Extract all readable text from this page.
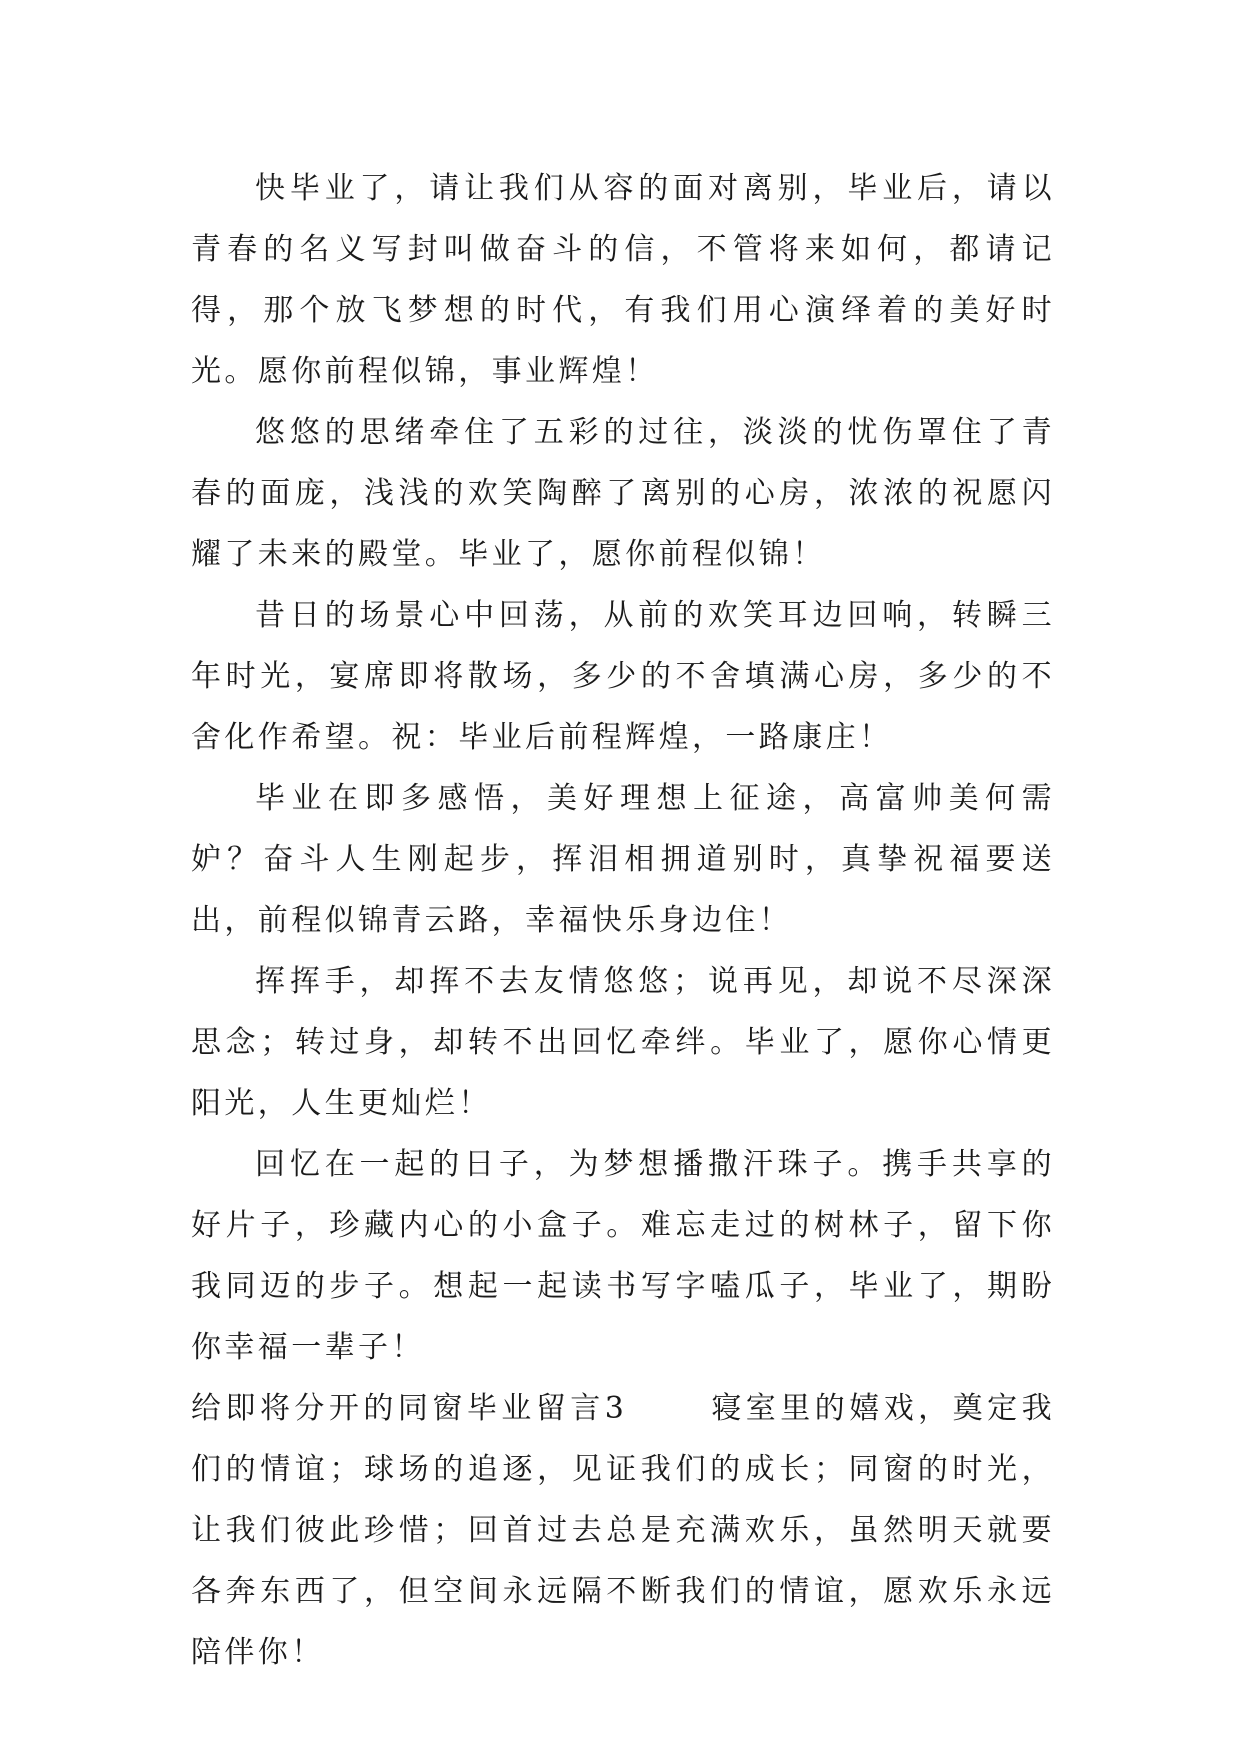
快毕业了，请让我们从容的面对离别，毕业后，请以青春的名义写封叫做奋斗的信，不管将来如何，都请记得，那个放飞梦想的时代，有我们用心演绎着的美好时光。愿你前程似锦，事业辉煌！

悠悠的思绪牵住了五彩的过往，淡淡的忧伤罩住了青春的面庞，浅浅的欢笑陶醉了离别的心房，浓浓的祝愿闪耀了未来的殿堂。毕业了，愿你前程似锦！

昔日的场景心中回荡，从前的欢笑耳边回响，转瞬三年时光，宴席即将散场，多少的不舍填满心房，多少的不舍化作希望。祝：毕业后前程辉煌，一路康庄！

毕业在即多感悟，美好理想上征途，高富帅美何需妒？奋斗人生刚起步，挥泪相拥道别时，真挚祝福要送出，前程似锦青云路，幸福快乐身边住！

挥挥手，却挥不去友情悠悠；说再见，却说不尽深深思念；转过身，却转不出回忆牵绊。毕业了，愿你心情更阳光，人生更灿烂！

回忆在一起的日子，为梦想播撒汗珠子。携手共享的好片子，珍藏内心的小盒子。难忘走过的树林子，留下你我同迈的步子。想起一起读书写字嗑瓜子，毕业了，期盼你幸福一辈子！

给即将分开的同窗毕业留言3	寝室里的嬉戏，奠定我们的情谊；球场的追逐，见证我们的成长；同窗的时光，让我们彼此珍惜；回首过去总是充满欢乐，虽然明天就要各奔东西了，但空间永远隔不断我们的情谊，愿欢乐永远陪伴你！
